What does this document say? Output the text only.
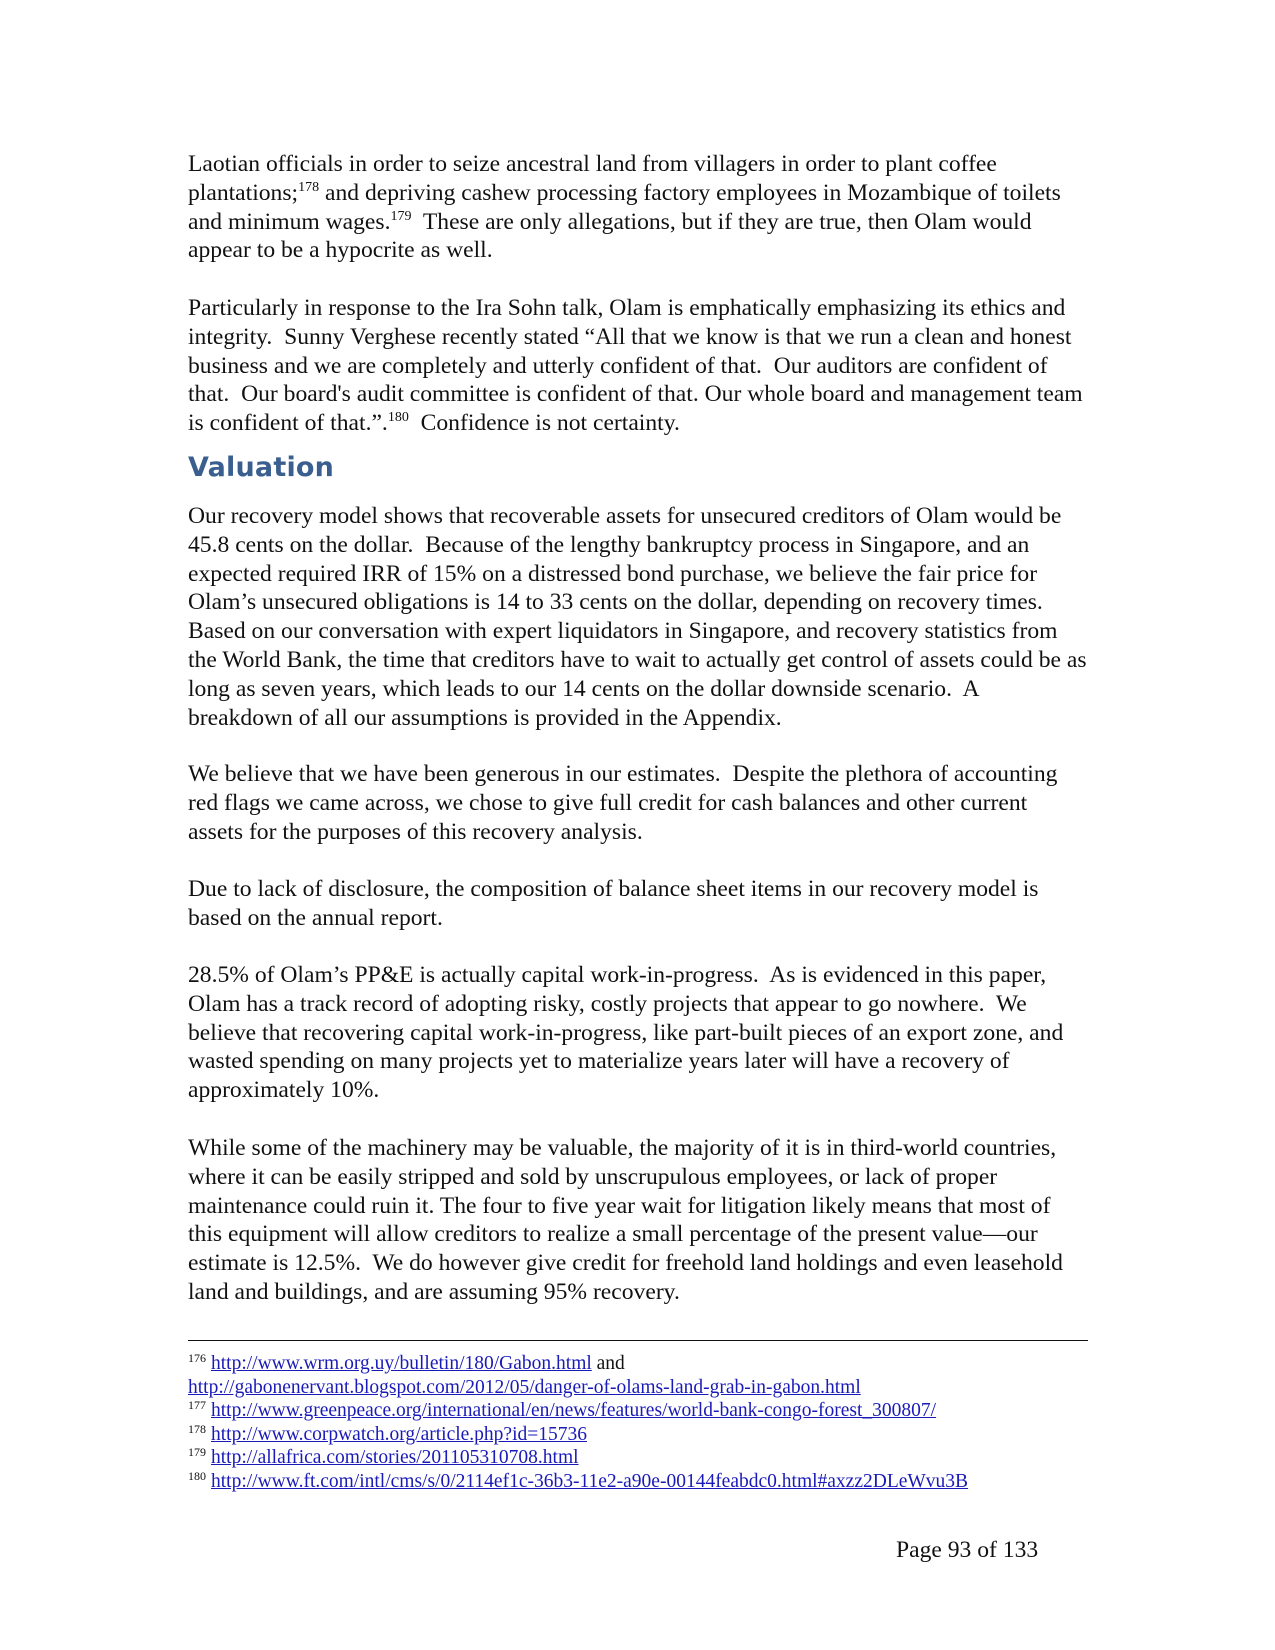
Laotian officials in order to seize ancestral land from villagers in order to plant coffee plantations;$^{178}$ and depriving cashew processing factory employees in Mozambique of toilets and minimum wages.$^{179}$  These are only allegations, but if they are true, then Olam would appear to be a hypocrite as well.

Particularly in response to the Ira Sohn talk, Olam is emphatically emphasizing its ethics and integrity.  Sunny Verghese recently stated “All that we know is that we run a clean and honest business and we are completely and utterly confident of that.  Our auditors are confident of that.  Our board's audit committee is confident of that. Our whole board and management team is confident of that.”.$^{180}$  Confidence is not certainty.

Valuation

Our recovery model shows that recoverable assets for unsecured creditors of Olam would be 45.8 cents on the dollar.  Because of the lengthy bankruptcy process in Singapore, and an expected required IRR of 15% on a distressed bond purchase, we believe the fair price for Olam’s unsecured obligations is 14 to 33 cents on the dollar, depending on recovery times.  Based on our conversation with expert liquidators in Singapore, and recovery statistics from the World Bank, the time that creditors have to wait to actually get control of assets could be as long as seven years, which leads to our 14 cents on the dollar downside scenario.  A breakdown of all our assumptions is provided in the Appendix.

We believe that we have been generous in our estimates.  Despite the plethora of accounting red flags we came across, we chose to give full credit for cash balances and other current assets for the purposes of this recovery analysis.

Due to lack of disclosure, the composition of balance sheet items in our recovery model is based on the annual report.

28.5% of Olam’s PP&E is actually capital work-in-progress.  As is evidenced in this paper, Olam has a track record of adopting risky, costly projects that appear to go nowhere.  We believe that recovering capital work-in-progress, like part-built pieces of an export zone, and wasted spending on many projects yet to materialize years later will have a recovery of approximately 10%.

While some of the machinery may be valuable, the majority of it is in third-world countries, where it can be easily stripped and sold by unscrupulous employees, or lack of proper maintenance could ruin it. The four to five year wait for litigation likely means that most of this equipment will allow creditors to realize a small percentage of the present value—our estimate is 12.5%.  We do however give credit for freehold land holdings and even leasehold land and buildings, and are assuming 95% recovery.

$^{176}$ http://www.wrm.org.uy/bulletin/180/Gabon.html and

http://gabonenervant.blogspot.com/2012/05/danger-of-olams-land-grab-in-gabon.html

$^{177}$ http://www.greenpeace.org/international/en/news/features/world-bank-congo-forest_300807/

$^{178}$ http://www.corpwatch.org/article.php?id=15736

$^{179}$ http://allafrica.com/stories/201105310708.html

$^{180}$ http://www.ft.com/intl/cms/s/0/2114ef1c-36b3-11e2-a90e-00144feabdc0.html#axzz2DLeWvu3B

Page 93 of 133
